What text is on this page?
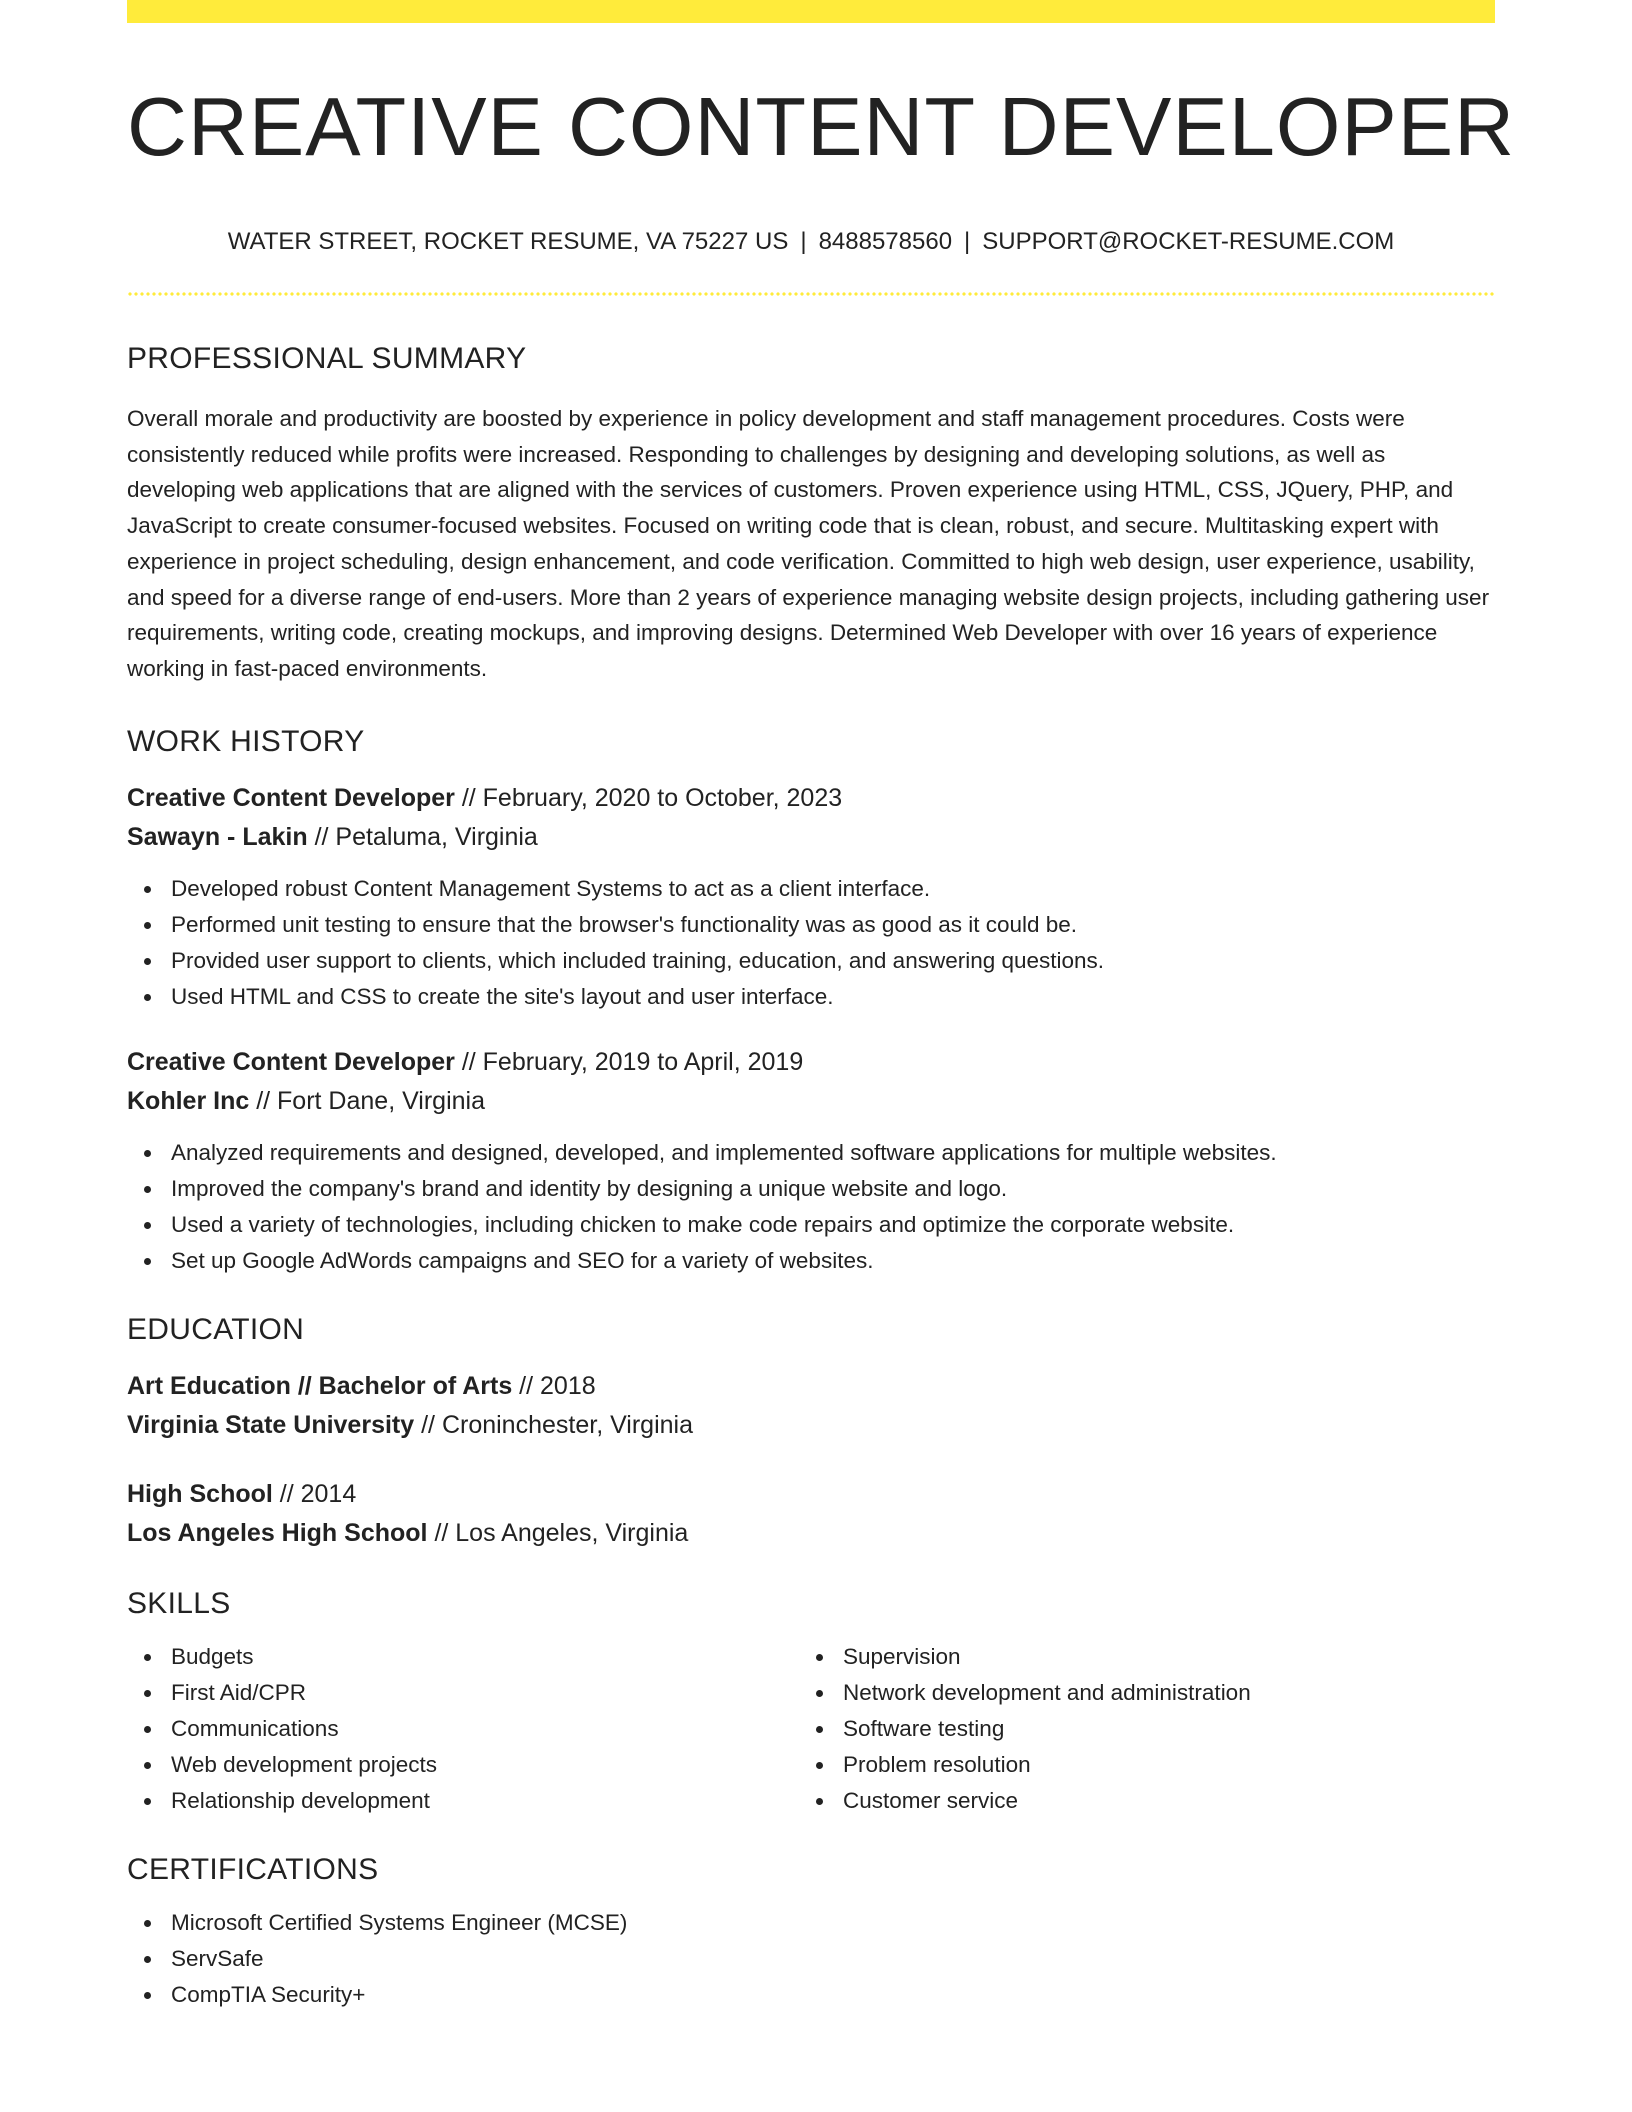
CREATIVE CONTENT DEVELOPER
WATER STREET, ROCKET RESUME, VA 75227 US | 8488578560 | SUPPORT@ROCKET-RESUME.COM
PROFESSIONAL SUMMARY

Overall morale and productivity are boosted by experience in policy development and staff management procedures. Costs were consistently reduced while profits were increased. Responding to challenges by designing and developing solutions, as well as developing web applications that are aligned with the services of customers. Proven experience using HTML, CSS, JQuery, PHP, and JavaScript to create consumer-focused websites. Focused on writing code that is clean, robust, and secure. Multitasking expert with experience in project scheduling, design enhancement, and code verification. Committed to high web design, user experience, usability, and speed for a diverse range of end-users. More than 2 years of experience managing website design projects, including gathering user requirements, writing code, creating mockups, and improving designs. Determined Web Developer with over 16 years of experience working in fast-paced environments.

WORK HISTORY
Creative Content Developer // February, 2020 to October, 2023
Sawayn - Lakin // Petaluma, Virginia
Developed robust Content Management Systems to act as a client interface.
Performed unit testing to ensure that the browser's functionality was as good as it could be.
Provided user support to clients, which included training, education, and answering questions.
Used HTML and CSS to create the site's layout and user interface.
Creative Content Developer // February, 2019 to April, 2019
Kohler Inc // Fort Dane, Virginia
Analyzed requirements and designed, developed, and implemented software applications for multiple websites.
Improved the company's brand and identity by designing a unique website and logo.
Used a variety of technologies, including chicken to make code repairs and optimize the corporate website.
Set up Google AdWords campaigns and SEO for a variety of websites.
EDUCATION
Art Education // Bachelor of Arts // 2018
Virginia State University // Croninchester, Virginia
High School // 2014
Los Angeles High School // Los Angeles, Virginia
SKILLS
Budgets
First Aid/CPR
Communications
Web development projects
Relationship development
Supervision
Network development and administration
Software testing
Problem resolution
Customer service
CERTIFICATIONS
Microsoft Certified Systems Engineer (MCSE)
ServSafe
CompTIA Security+
